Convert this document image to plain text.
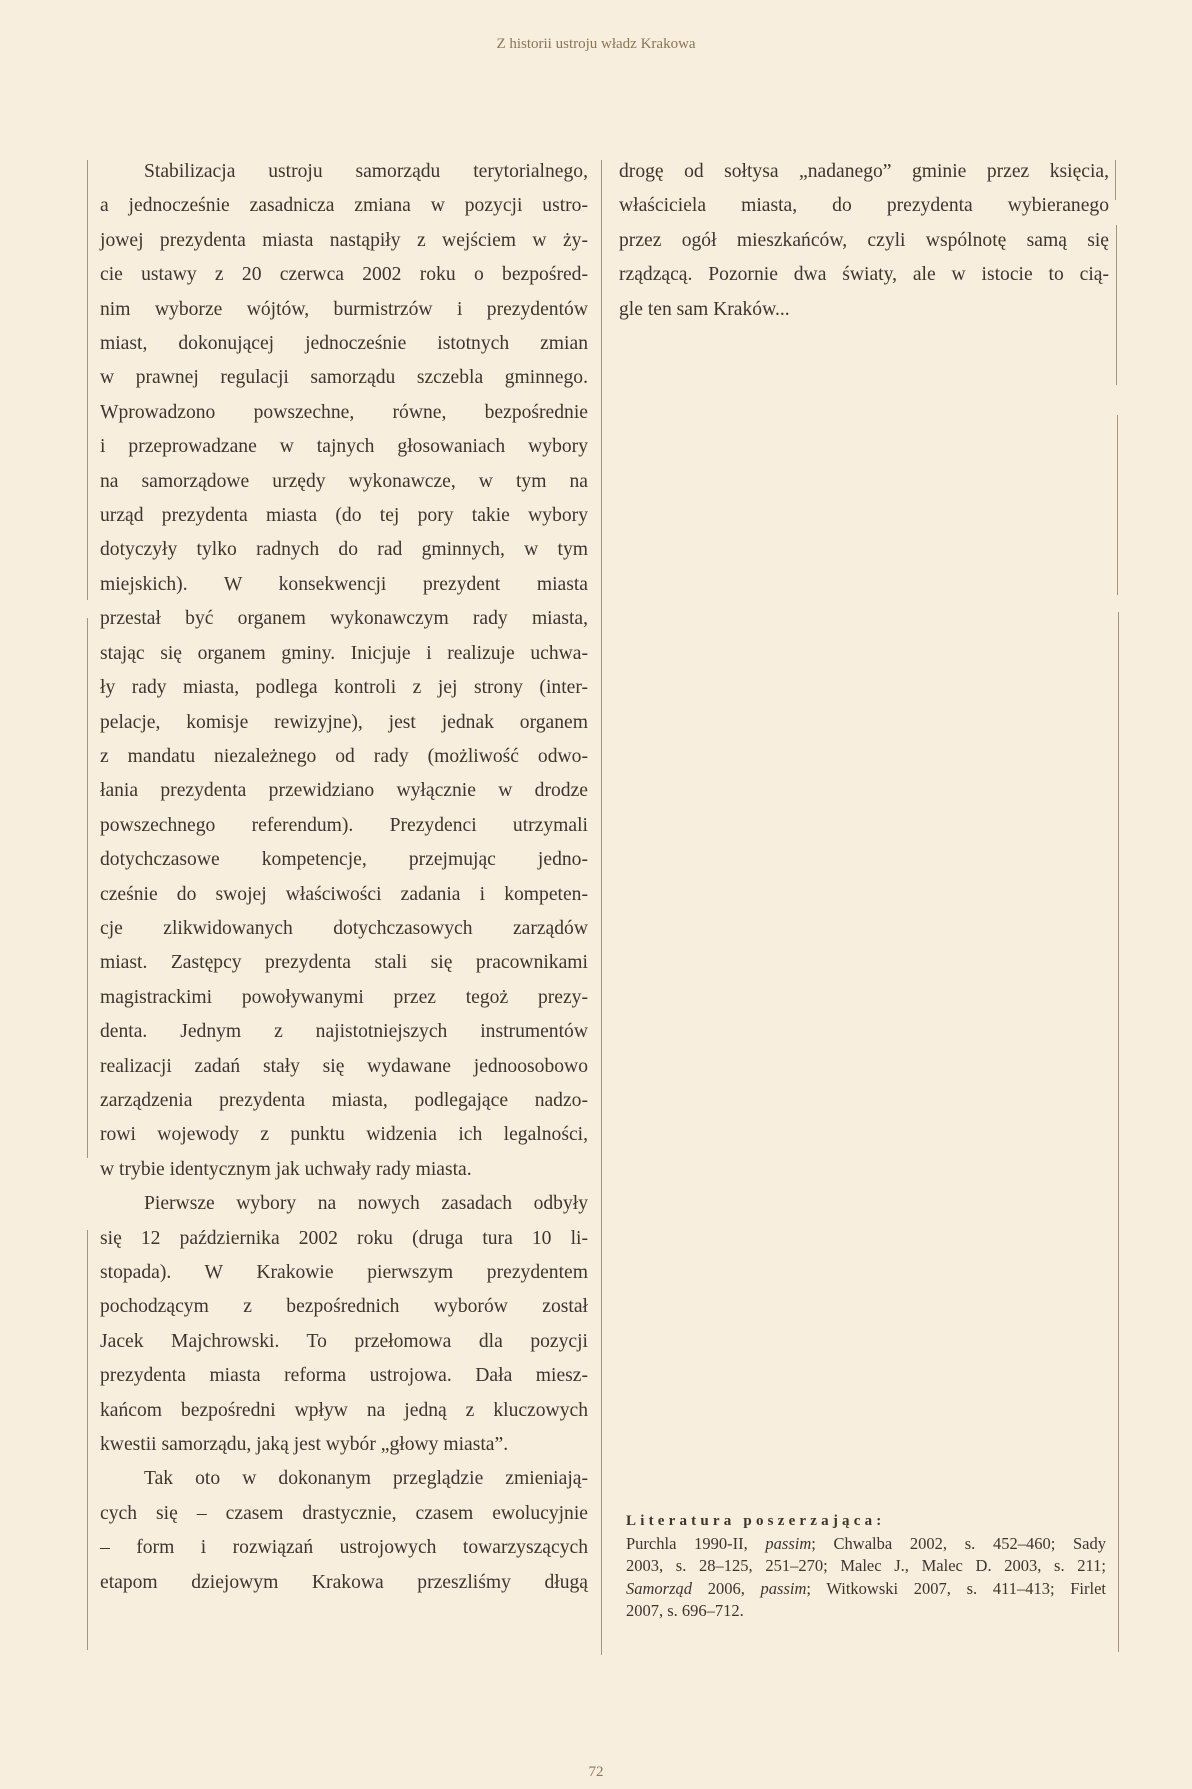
Z historii ustroju władz Krakowa

Stabilizacja ustroju samorządu terytorialnego,
a jednocześnie zasadnicza zmiana w pozycji ustro-
jowej prezydenta miasta nastąpiły z wejściem w ży-
cie ustawy z 20 czerwca 2002 roku o bezpośred-
nim wyborze wójtów, burmistrzów i prezydentów
miast, dokonującej jednocześnie istotnych zmian
w prawnej regulacji samorządu szczebla gminnego.
Wprowadzono powszechne, równe, bezpośrednie
i przeprowadzane w tajnych głosowaniach wybory
na samorządowe urzędy wykonawcze, w tym na
urząd prezydenta miasta (do tej pory takie wybory
dotyczyły tylko radnych do rad gminnych, w tym
miejskich). W konsekwencji prezydent miasta
przestał być organem wykonawczym rady miasta,
stając się organem gminy. Inicjuje i realizuje uchwa-
ły rady miasta, podlega kontroli z jej strony (inter-
pelacje, komisje rewizyjne), jest jednak organem
z mandatu niezależnego od rady (możliwość odwo-
łania prezydenta przewidziano wyłącznie w drodze
powszechnego referendum). Prezydenci utrzymali
dotychczasowe kompetencje, przejmując jedno-
cześnie do swojej właściwości zadania i kompeten-
cje zlikwidowanych dotychczasowych zarządów
miast. Zastępcy prezydenta stali się pracownikami
magistrackimi powoływanymi przez tegoż prezy-
denta. Jednym z najistotniejszych instrumentów
realizacji zadań stały się wydawane jednoosobowo
zarządzenia prezydenta miasta, podlegające nadzo-
rowi wojewody z punktu widzenia ich legalności,
w trybie identycznym jak uchwały rady miasta.

Pierwsze wybory na nowych zasadach odbyły
się 12 października 2002 roku (druga tura 10 li-
stopada). W Krakowie pierwszym prezydentem
pochodzącym z bezpośrednich wyborów został
Jacek Majchrowski. To przełomowa dla pozycji
prezydenta miasta reforma ustrojowa. Dała miesz-
kańcom bezpośredni wpływ na jedną z kluczowych
kwestii samorządu, jaką jest wybór „głowy miasta”.

Tak oto w dokonanym przeglądzie zmieniają-
cych się – czasem drastycznie, czasem ewolucyjnie
– form i rozwiązań ustrojowych towarzyszących
etapom dziejowym Krakowa przeszliśmy długą

drogę od sołtysa „nadanego” gminie przez księcia,
właściciela miasta, do prezydenta wybieranego
przez ogół mieszkańców, czyli wspólnotę samą się
rządzącą. Pozornie dwa światy, ale w istocie to cią-
gle ten sam Kraków...

Literatura poszerzająca:
Purchla 1990-II, passim; Chwalba 2002, s. 452–460; Sady
2003, s. 28–125, 251–270; Malec J., Malec D. 2003, s. 211;
Samorząd 2006, passim; Witkowski 2007, s. 411–413; Firlet
2007, s. 696–712.
72
